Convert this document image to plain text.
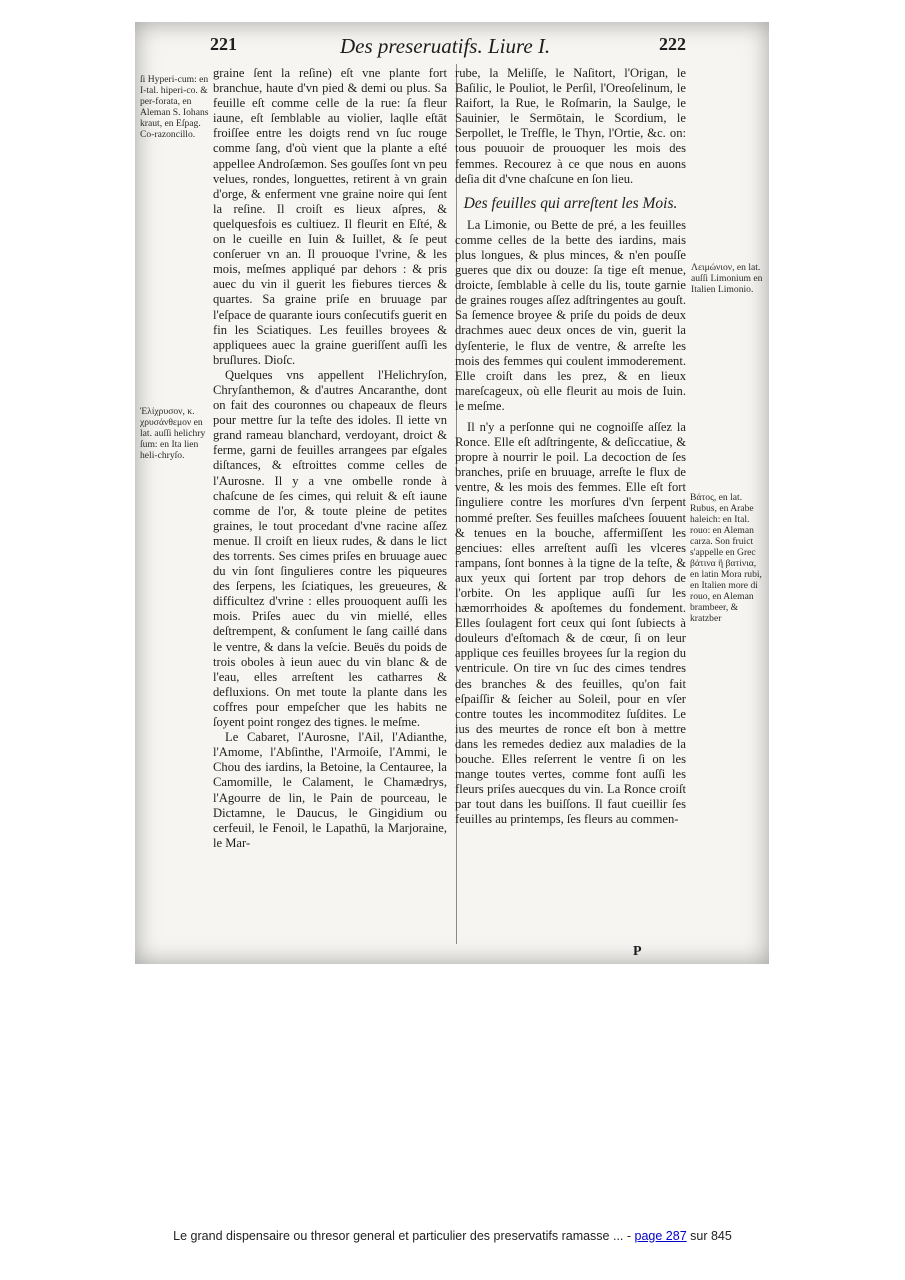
221	Des preseruatifs. Liure I.	222
ſi Hyperi-cum: en I-tal. hiperi-co. & per-forata, en Aleman S. Iohans kraut, en Eſpag. Co-razoncillo.
Ἑλίχρυσον, κ. χρυσάνθεμον en lat. auſſi helichry ſum: en Ita lien heli-chryſo.
Λειμώνιον, en lat. auſſi Limonium en Italien Limonio.
Βάτος, en lat. Rubus, en Arabe haleich: en Ital. rouo: en Aleman carza. Son fruict s'appelle en Grec βάτινα ἢ βατίνια, en latin Mora rubi, en Italien more di rouo, en Aleman brambeer, & kratzber

graine ſent la reſine) eſt vne plante fort branchue, haute d'vn pied & demi ou plus. Sa feuille eſt comme celle de la rue: ſa fleur iaune, eſt ſemblable au violier, laqlle eſtāt froiſſee entre les doigts rend vn ſuc rouge comme ſang, d'où vient que la plante a eſté appellee Androſæmon. Ses gouſſes ſont vn peu velues, rondes, longuettes, retirent à vn grain d'orge, & enferment vne graine noire qui ſent la reſine. Il croiſt es lieux aſpres, & quelquesfois es cultiuez. Il fleurit en Eſté, & on le cueille en Iuin & Iuillet, & ſe peut conſeruer vn an. Il prouoque l'vrine, & les mois, meſmes appliqué par dehors : & pris auec du vin il guerit les fiebures tierces & quartes. Sa graine priſe en bruuage par l'eſpace de quarante iours conſecutifs guerit en fin les Sciatiques. Les feuilles broyees & appliquees auec la graine gueriſſent auſſi les bruſlures. Dioſc.

Quelques vns appellent l'Helichryſon, Chryſanthemon, & d'autres Ancaranthe, dont on fait des couronnes ou chapeaux de fleurs pour mettre ſur la teſte des idoles. Il iette vn grand rameau blanchard, verdoyant, droict & ferme, garni de feuilles arrangees par eſgales diſtances, & eſtroittes comme celles de l'Aurosne. Il y a vne ombelle ronde à chaſcune de ſes cimes, qui reluit & eſt iaune comme de l'or, & toute pleine de petites graines, le tout procedant d'vne racine aſſez menue. Il croiſt en lieux rudes, & dans le lict des torrents. Ses cimes priſes en bruuage auec du vin ſont ſingulieres contre les piqueures des ſerpens, les ſciatiques, les greueures, & difficultez d'vrine : elles prouoquent auſſi les mois. Priſes auec du vin miellé, elles deſtrempent, & conſument le ſang caillé dans le ventre, & dans la veſcie. Beuës du poids de trois oboles à ieun auec du vin blanc & de l'eau, elles arreſtent les catharres & defluxions. On met toute la plante dans les coffres pour empeſcher que les habits ne ſoyent point rongez des tignes. le meſme.

Le Cabaret, l'Aurosne, l'Ail, l'Adianthe, l'Amome, l'Abſinthe, l'Armoiſe, l'Ammi, le Chou des iardins, la Betoine, la Centauree, la Camomille, le Calament, le Chamædrys, l'Agourre de lin, le Pain de pourceau, le Dictamne, le Daucus, le Gingidium ou cerfeuil, le Fenoil, le Lapathū, la Marjoraine, le Mar-

rube, la Meliſſe, le Naſitort, l'Origan, le Baſilic, le Pouliot, le Perſil, l'Oreoſelinum, le Raifort, la Rue, le Roſmarin, la Saulge, le Sauinier, le Sermōtain, le Scordium, le Serpollet, le Treſfle, le Thyn, l'Ortie, &c. on: tous pouuoir de prouoquer les mois des femmes. Recourez à ce que nous en auons deſia dit d'vne chaſcune en ſon lieu.

Des feuilles qui arreſtent les Mois.

La Limonie, ou Bette de pré, a les feuilles comme celles de la bette des iardins, mais plus longues, & plus minces, & n'en pouſſe gueres que dix ou douze: ſa tige eſt menue, droicte, ſemblable à celle du lis, toute garnie de graines rouges aſſez adſtringentes au gouſt. Sa ſemence broyee & priſe du poids de deux drachmes auec deux onces de vin, guerit la dyſenterie, le flux de ventre, & arreſte les mois des femmes qui coulent immoderement. Elle croiſt dans les prez, & en lieux mareſcageux, où elle fleurit au mois de Iuin. le meſme.

Il n'y a perſonne qui ne cognoiſſe aſſez la Ronce. Elle eſt adſtringente, & deſiccatiue, & propre à nourrir le poil. La decoction de ſes branches, priſe en bruuage, arreſte le flux de ventre, & les mois des femmes. Elle eſt fort ſinguliere contre les morſures d'vn ſerpent nommé preſter. Ses feuilles maſchees ſouuent & tenues en la bouche, affermiſſent les genciues: elles arreſtent auſſi les vlceres rampans, ſont bonnes à la tigne de la teſte, & aux yeux qui ſortent par trop dehors de l'orbite. On les applique auſſi ſur les hæmorrhoides & apoſtemes du fondement. Elles ſoulagent fort ceux qui ſont ſubiects à douleurs d'eſtomach & de cœur, ſi on leur applique ces feuilles broyees ſur la region du ventricule. On tire vn ſuc des cimes tendres des branches & des feuilles, qu'on fait eſpaiſſir & ſeicher au Soleil, pour en vſer contre toutes les incommoditez ſuſdites. Le ius des meurtes de ronce eſt bon à mettre dans les remedes dediez aux maladies de la bouche. Elles reſerrent le ventre ſi on les mange toutes vertes, comme font auſſi les fleurs priſes auecques du vin. La Ronce croiſt par tout dans les buiſſons. Il faut cueillir ſes feuilles au printemps, ſes fleurs au commen-

P
Le grand dispensaire ou thresor general et particulier des preservatifs ramasse ... - page 287 sur 845
